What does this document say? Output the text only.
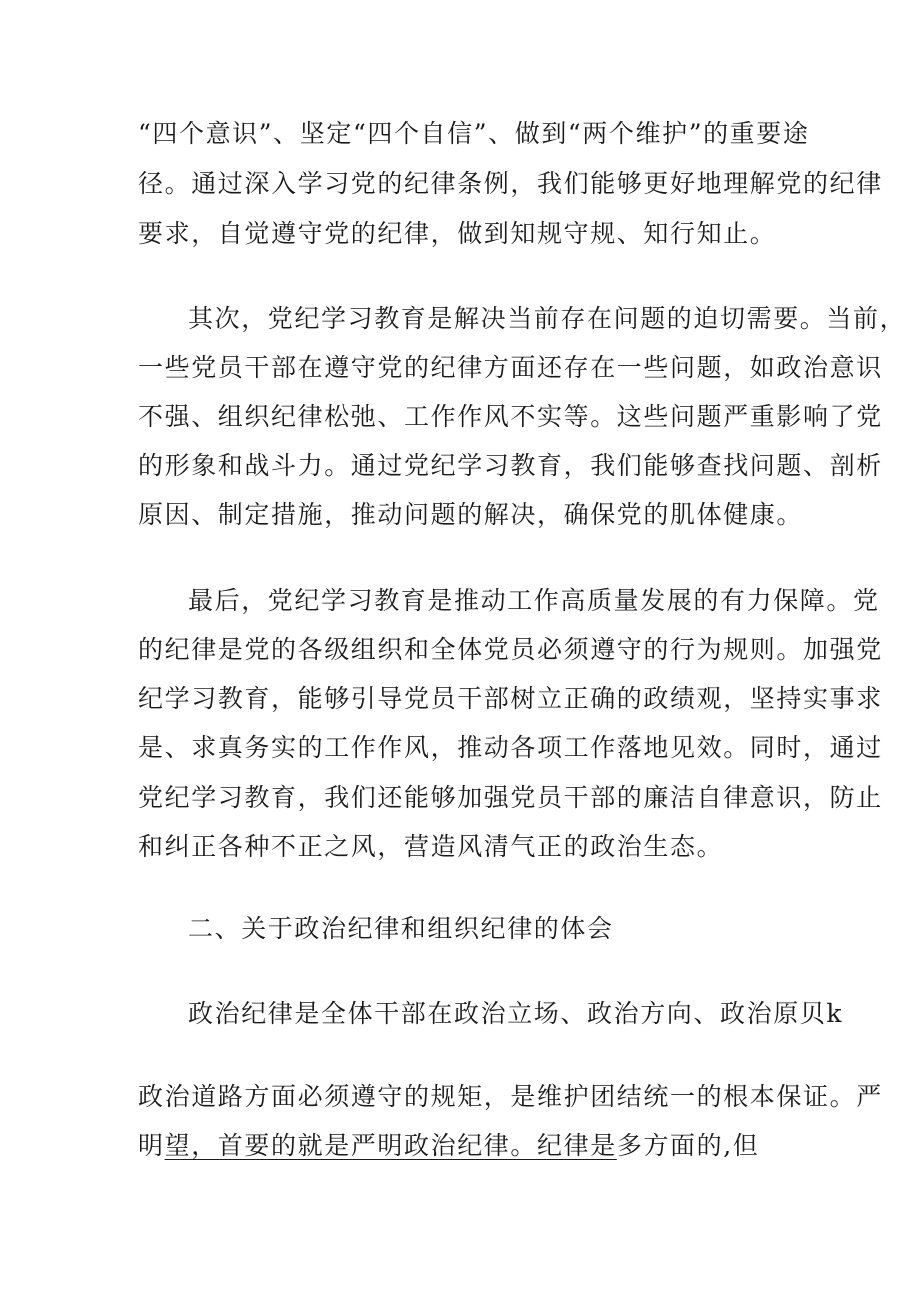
“四个意识”、坚定“四个自信”、做到“两个维护”的重要途
径。通过深入学习党的纪律条例，我们能够更好地理解党的纪律
要求，自觉遵守党的纪律，做到知规守规、知行知止。
其次，党纪学习教育是解决当前存在问题的迫切需要。当前，
一些党员干部在遵守党的纪律方面还存在一些问题，如政治意识
不强、组织纪律松弛、工作作风不实等。这些问题严重影响了党
的形象和战斗力。通过党纪学习教育，我们能够查找问题、剖析
原因、制定措施，推动问题的解决，确保党的肌体健康。
最后，党纪学习教育是推动工作高质量发展的有力保障。党
的纪律是党的各级组织和全体党员必须遵守的行为规则。加强党
纪学习教育，能够引导党员干部树立正确的政绩观，坚持实事求
是、求真务实的工作作风，推动各项工作落地见效。同时，通过
党纪学习教育，我们还能够加强党员干部的廉洁自律意识，防止
和纠正各种不正之风，营造风清气正的政治生态。
二、关于政治纪律和组织纪律的体会
政治纪律是全体干部在政治立场、政治方向、政治原贝k
政治道路方面必须遵守的规矩，是维护团结统一的根本保证。严
明望，首要的就是严明政治纪律。纪律是多方面的,但
